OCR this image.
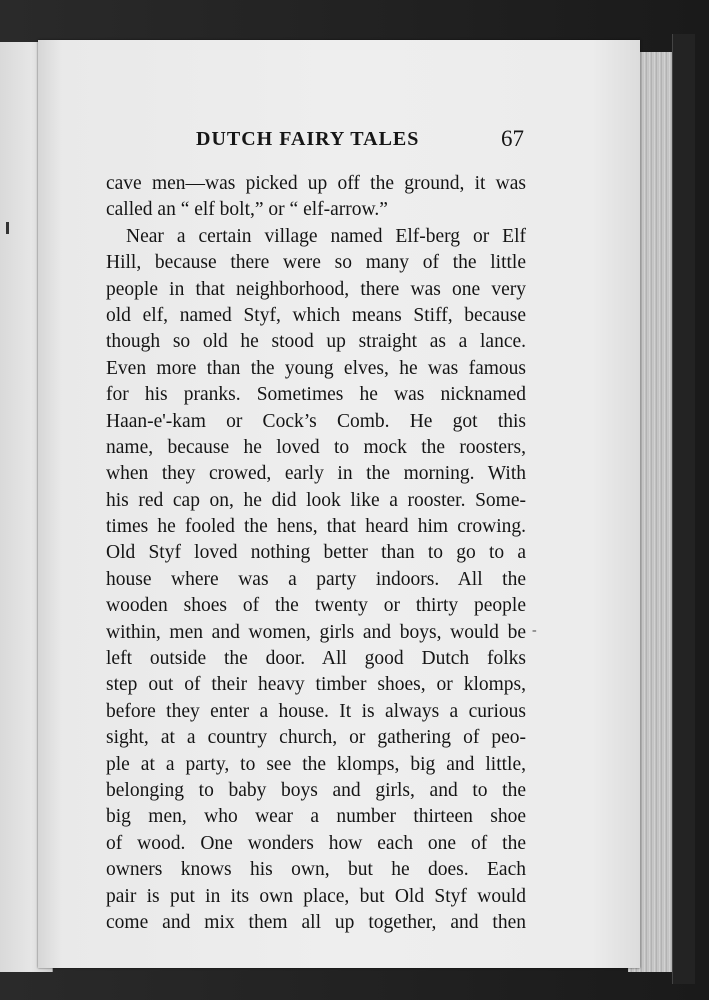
DUTCH FAIRY TALES	67
cave men—was picked up off the ground, it was
called an “ elf bolt,” or “ elf-arrow.”
Near a certain village named Elf-berg or Elf
Hill, because there were so many of the little
people in that neighborhood, there was one very
old elf, named Styf, which means Stiff, because
though so old he stood up straight as a lance.
Even more than the young elves, he was famous
for his pranks. Sometimes he was nicknamed
Haan-e'-kam or Cock’s Comb. He got this
name, because he loved to mock the roosters,
when they crowed, early in the morning. With
his red cap on, he did look like a rooster. Some-
times he fooled the hens, that heard him crowing.
Old Styf loved nothing better than to go to a
house where was a party indoors. All the
wooden shoes of the twenty or thirty people
within, men and women, girls and boys, would be
left outside the door. All good Dutch folks
step out of their heavy timber shoes, or klomps,
before they enter a house. It is always a curious
sight, at a country church, or gathering of peo-
ple at a party, to see the klomps, big and little,
belonging to baby boys and girls, and to the
big men, who wear a number thirteen shoe
of wood. One wonders how each one of the
owners knows his own, but he does. Each
pair is put in its own place, but Old Styf would
come and mix them all up together, and then
-
